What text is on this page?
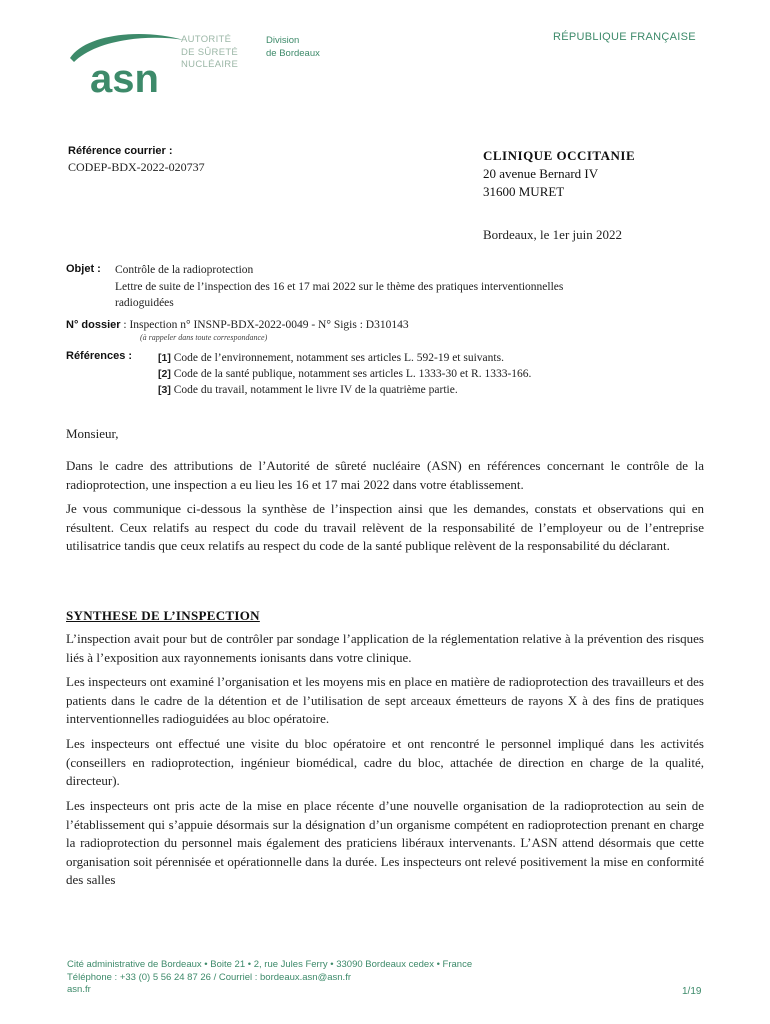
asn
AUTORITÉ
DE SÛRETÉ
NUCLÉAIRE
Division
de Bordeaux
RÉPUBLIQUE FRANÇAISE
Référence courrier :
CODEP-BDX-2022-020737
CLINIQUE OCCITANIE
20 avenue Bernard IV
31600 MURET
Bordeaux, le 1er juin 2022
Objet : Contrôle de la radioprotection
Lettre de suite de l’inspection des 16 et 17 mai 2022 sur le thème des pratiques interventionnelles
radioguidées
N° dossier : Inspection n° INSNP-BDX-2022-0049 - N° Sigis : D310143
(à rappeler dans toute correspondance)
Références : [1] Code de l’environnement, notamment ses articles L. 592-19 et suivants.
[2] Code de la santé publique, notamment ses articles L. 1333-30 et R. 1333-166.
[3] Code du travail, notamment le livre IV de la quatrième partie.
Monsieur,
Dans le cadre des attributions de l’Autorité de sûreté nucléaire (ASN) en références concernant le contrôle de la radioprotection, une inspection a eu lieu les 16 et 17 mai 2022 dans votre établissement.
Je vous communique ci-dessous la synthèse de l’inspection ainsi que les demandes, constats et observations qui en résultent. Ceux relatifs au respect du code du travail relèvent de la responsabilité de l’employeur ou de l’entreprise utilisatrice tandis que ceux relatifs au respect du code de la santé publique relèvent de la responsabilité du déclarant.
SYNTHESE DE L’INSPECTION
L’inspection avait pour but de contrôler par sondage l’application de la réglementation relative à la prévention des risques liés à l’exposition aux rayonnements ionisants dans votre clinique.
Les inspecteurs ont examiné l’organisation et les moyens mis en place en matière de radioprotection des travailleurs et des patients dans le cadre de la détention et de l’utilisation de sept arceaux émetteurs de rayons X à des fins de pratiques interventionnelles radioguidées au bloc opératoire.
Les inspecteurs ont effectué une visite du bloc opératoire et ont rencontré le personnel impliqué dans les activités (conseillers en radioprotection, ingénieur biomédical, cadre du bloc, attachée de direction en charge de la qualité, directeur).
Les inspecteurs ont pris acte de la mise en place récente d’une nouvelle organisation de la radioprotection au sein de l’établissement qui s’appuie désormais sur la désignation d’un organisme compétent en radioprotection prenant en charge la radioprotection du personnel mais également des praticiens libéraux intervenants. L’ASN attend désormais que cette organisation soit pérennisée et opérationnelle dans la durée. Les inspecteurs ont relevé positivement la mise en conformité des salles
Cité administrative de Bordeaux • Boite 21 • 2, rue Jules Ferry • 33090 Bordeaux cedex • France
Téléphone : +33 (0) 5 56 24 87 26 / Courriel : bordeaux.asn@asn.fr
asn.fr	1/19
